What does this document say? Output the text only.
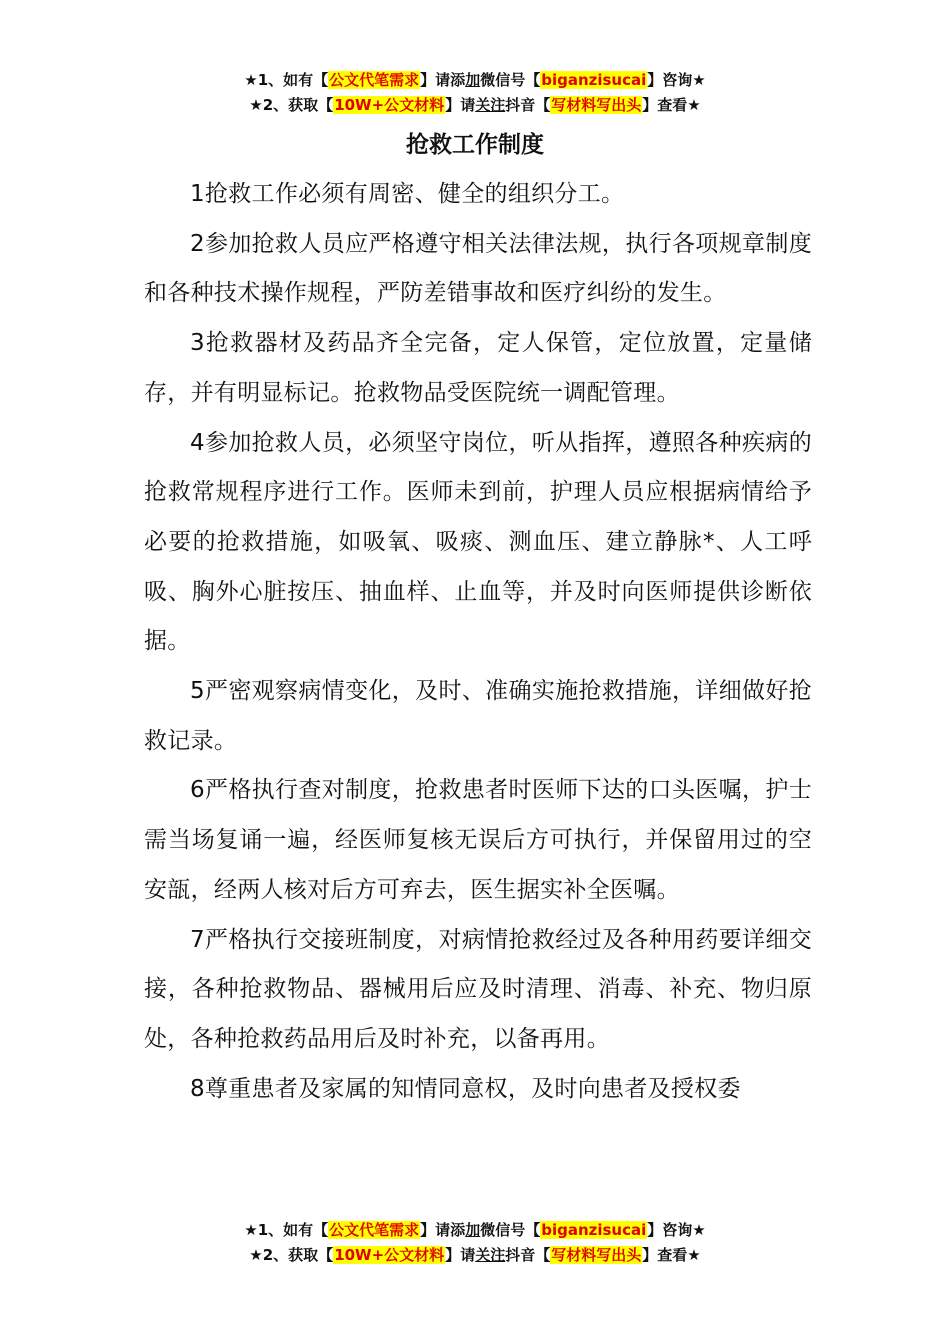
★1、如有【公文代笔需求】请添加微信号【biganzisucai】咨询★
★2、获取【10W+公文材料】请关注抖音【写材料写出头】查看★
抢救工作制度

1抢救工作必须有周密、健全的组织分工。

2参加抢救人员应严格遵守相关法律法规，执行各项规章制度和各种技术操作规程，严防差错事故和医疗纠纷的发生。

3抢救器材及药品齐全完备，定人保管，定位放置，定量储存，并有明显标记。抢救物品受医院统一调配管理。

4参加抢救人员，必须坚守岗位，听从指挥，遵照各种疾病的抢救常规程序进行工作。医师未到前，护理人员应根据病情给予必要的抢救措施，如吸氧、吸痰、测血压、建立静脉*、人工呼吸、胸外心脏按压、抽血样、止血等，并及时向医师提供诊断依据。

5严密观察病情变化，及时、准确实施抢救措施，详细做好抢救记录。

6严格执行查对制度，抢救患者时医师下达的口头医嘱，护士需当场复诵一遍，经医师复核无误后方可执行，并保留用过的空安瓿，经两人核对后方可弃去，医生据实补全医嘱。

7严格执行交接班制度，对病情抢救经过及各种用药要详细交接，各种抢救物品、器械用后应及时清理、消毒、补充、物归原处，各种抢救药品用后及时补充，以备再用。

8尊重患者及家属的知情同意权，及时向患者及授权委

★1、如有【公文代笔需求】请添加微信号【biganzisucai】咨询★
★2、获取【10W+公文材料】请关注抖音【写材料写出头】查看★
